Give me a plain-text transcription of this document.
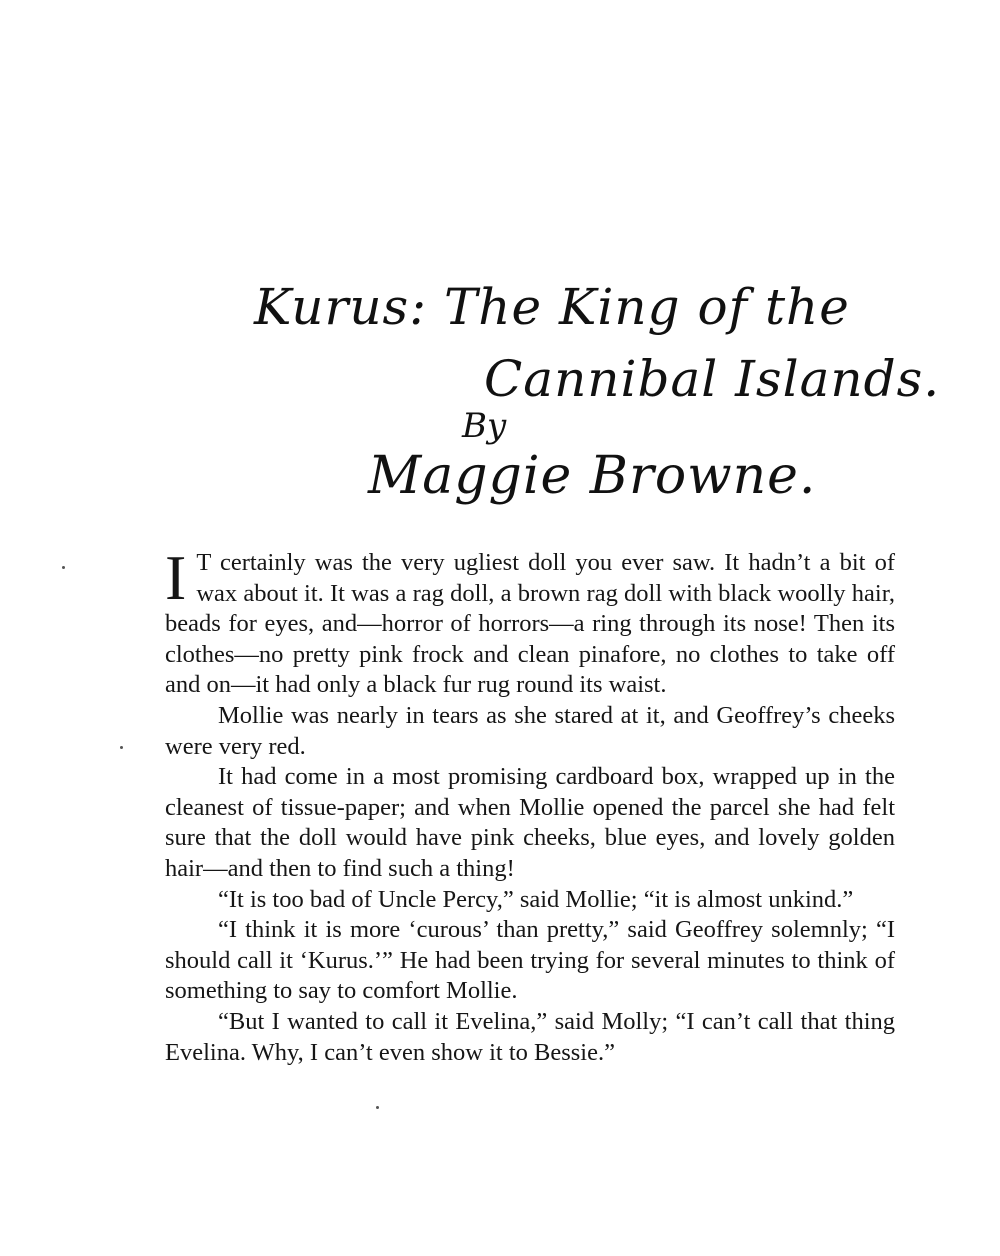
Kurus: The King of the
Cannibal Islands.
By
Maggie Browne.

I T certainly was the very ugliest doll you ever saw. It hadn’t a bit of wax about it. It was a rag doll, a brown rag doll with black woolly hair, beads for eyes, and—horror of horrors—a ring through its nose! Then its clothes—no pretty pink frock and clean pinafore, no clothes to take off and on—it had only a black fur rug round its waist.

Mollie was nearly in tears as she stared at it, and Geoffrey’s cheeks were very red.

It had come in a most promising cardboard box, wrapped up in the cleanest of tissue-paper; and when Mollie opened the parcel she had felt sure that the doll would have pink cheeks, blue eyes, and lovely golden hair—and then to find such a thing!

“It is too bad of Uncle Percy,” said Mollie; “it is almost unkind.”

“I think it is more ‘curous’ than pretty,” said Geoffrey solemnly; “I should call it ‘Kurus.’” He had been trying for several minutes to think of something to say to comfort Mollie.

“But I wanted to call it Evelina,” said Molly; “I can’t call that thing Evelina. Why, I can’t even show it to Bessie.”
